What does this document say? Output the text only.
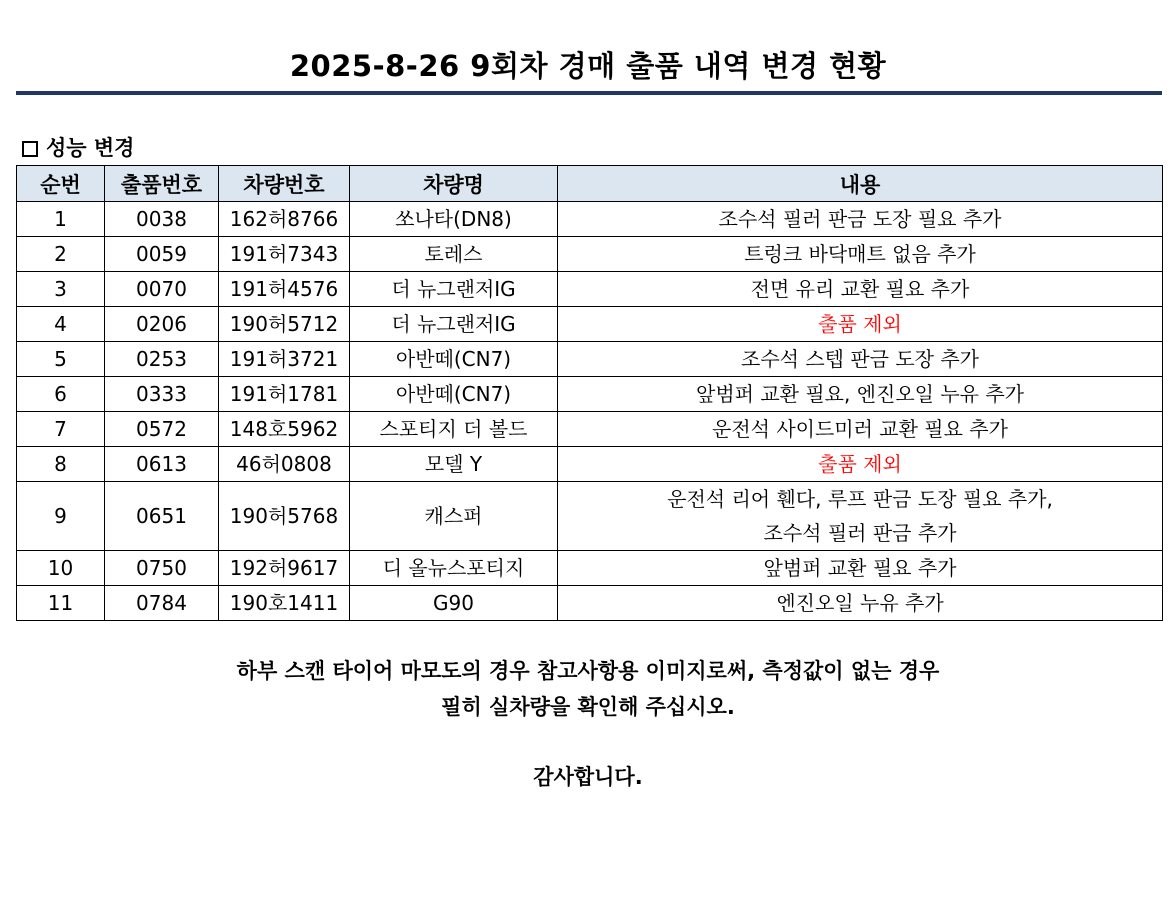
2025-8-26 9회차 경매 출품 내역 변경 현황
성능 변경
순번	출품번호	차량번호	차량명	내용
1	0038	162허8766	쏘나타(DN8)	조수석 필러 판금 도장 필요 추가

2	0059	191허7343	토레스	트렁크 바닥매트 없음 추가

3	0070	191허4576	더 뉴그랜저IG	전면 유리 교환 필요 추가

4	0206	190허5712	더 뉴그랜저IG	출품 제외

5	0253	191허3721	아반떼(CN7)	조수석 스텝 판금 도장 추가

6	0333	191허1781	아반떼(CN7)	앞범퍼 교환 필요, 엔진오일 누유 추가

7	0572	148호5962	스포티지 더 볼드	운전석 사이드미러 교환 필요 추가

8	0613	46허0808	모델 Y	출품 제외

9	0651	190허5768	캐스퍼	운전석 리어 휀다, 루프 판금 도장 필요 추가,
조수석 필러 판금 추가

10	0750	192허9617	디 올뉴스포티지	앞범퍼 교환 필요 추가

11	0784	190호1411	G90	엔진오일 누유 추가
하부 스캔 타이어 마모도의 경우 참고사항용 이미지로써, 측정값이 없는 경우
필히 실차량을 확인해 주십시오.
감사합니다.
